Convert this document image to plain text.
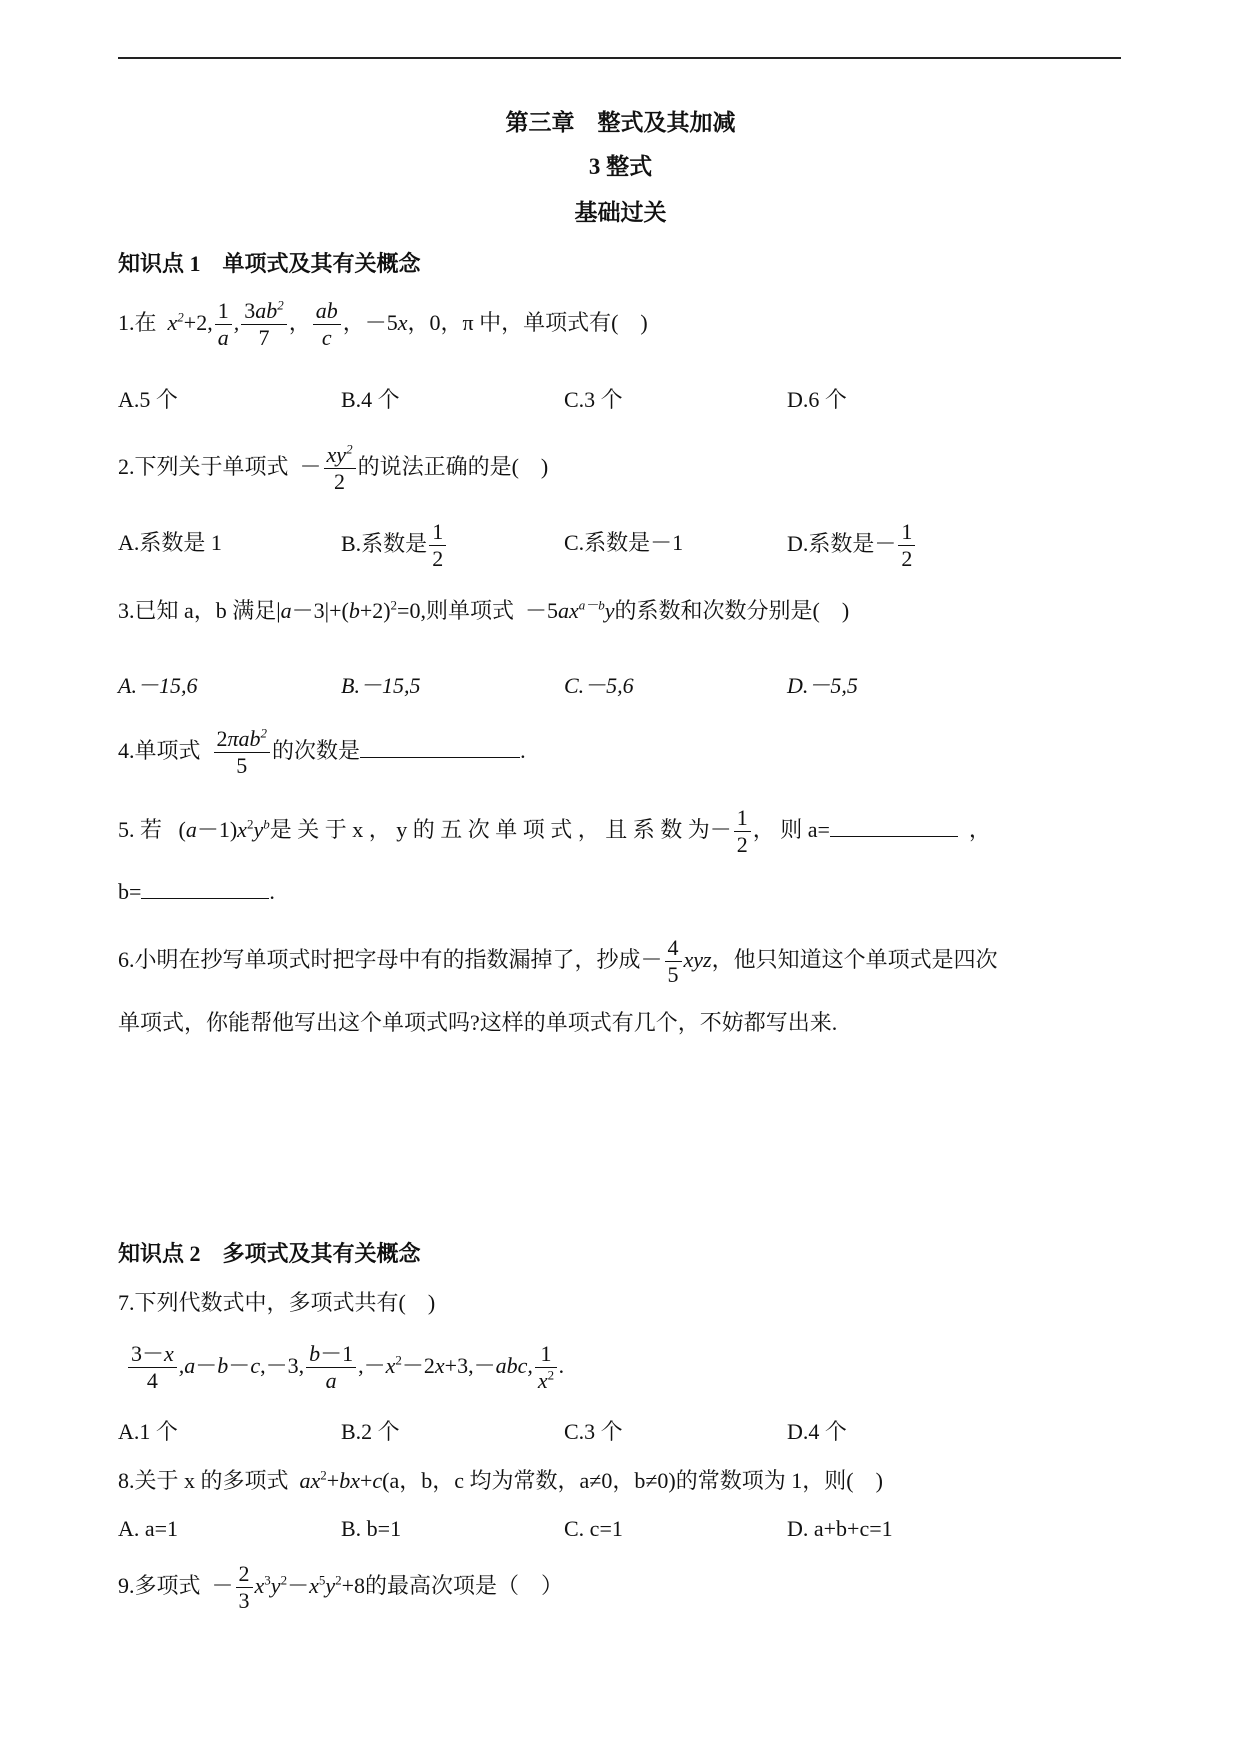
第三章　整式及其加减
3 整式
基础过关
知识点 1　单项式及其有关概念
1.在  $x^2+2$, $\frac{1}{a}$ , $\frac{3ab^2}{7}$ ， $\frac{ab}{c}$ ，－5x，0，π 中，单项式有(　)
A.5 个	B.4 个	C.3 个	D.6 个
2.下列关于单项式 － $\frac{xy^2}{2}$ 的说法正确的是(　)
A.系数是 1	B.系数是 $\frac{1}{2}$	C.系数是－1	D.系数是－ $\frac{1}{2}$
3.已知 a，b 满足$|a-3|+(b+2)^2=0$,则单项式 $-5ax^{a-b}y$的系数和次数分别是(　)
A.－15,6	B.－15,5	C.－5,6	D.－5,5
4.单项式 $\frac{2\pi ab^2}{5}$ 的次数是	.
5. 若 $(a-1)x^2y^b$是 关 于 x ， y 的 五 次 单 项 式 ， 且 系 数 为－ $\frac{1}{2}$ ， 则 a=	，
b=	.
6.小明在抄写单项式时把字母中有的指数漏掉了，抄成－ $\frac{4}{5}$ xyz，他只知道这个单项式是四次
单项式，你能帮他写出这个单项式吗?这样的单项式有几个，不妨都写出来.
知识点 2　多项式及其有关概念
7.下列代数式中，多项式共有(　)
$\frac{3-x}{4} ,a-b-c,-3$, $\frac{b-1}{a} ,-x^2-2x+3,-abc$, $\frac{1}{x^2}$ .
A.1 个	B.2 个	C.3 个	D.4 个
8.关于 x 的多项式  $ax^2+bx+c(a$，b，c 均为常数，a≠0，b≠0)的常数项为 1，则(　)
A. a=1	B. b=1	C. c=1	D. a+b+c=1
9.多项式 － $\frac{2}{3} x^3y^2-x^5y^2+8$的最高次项是（　）
